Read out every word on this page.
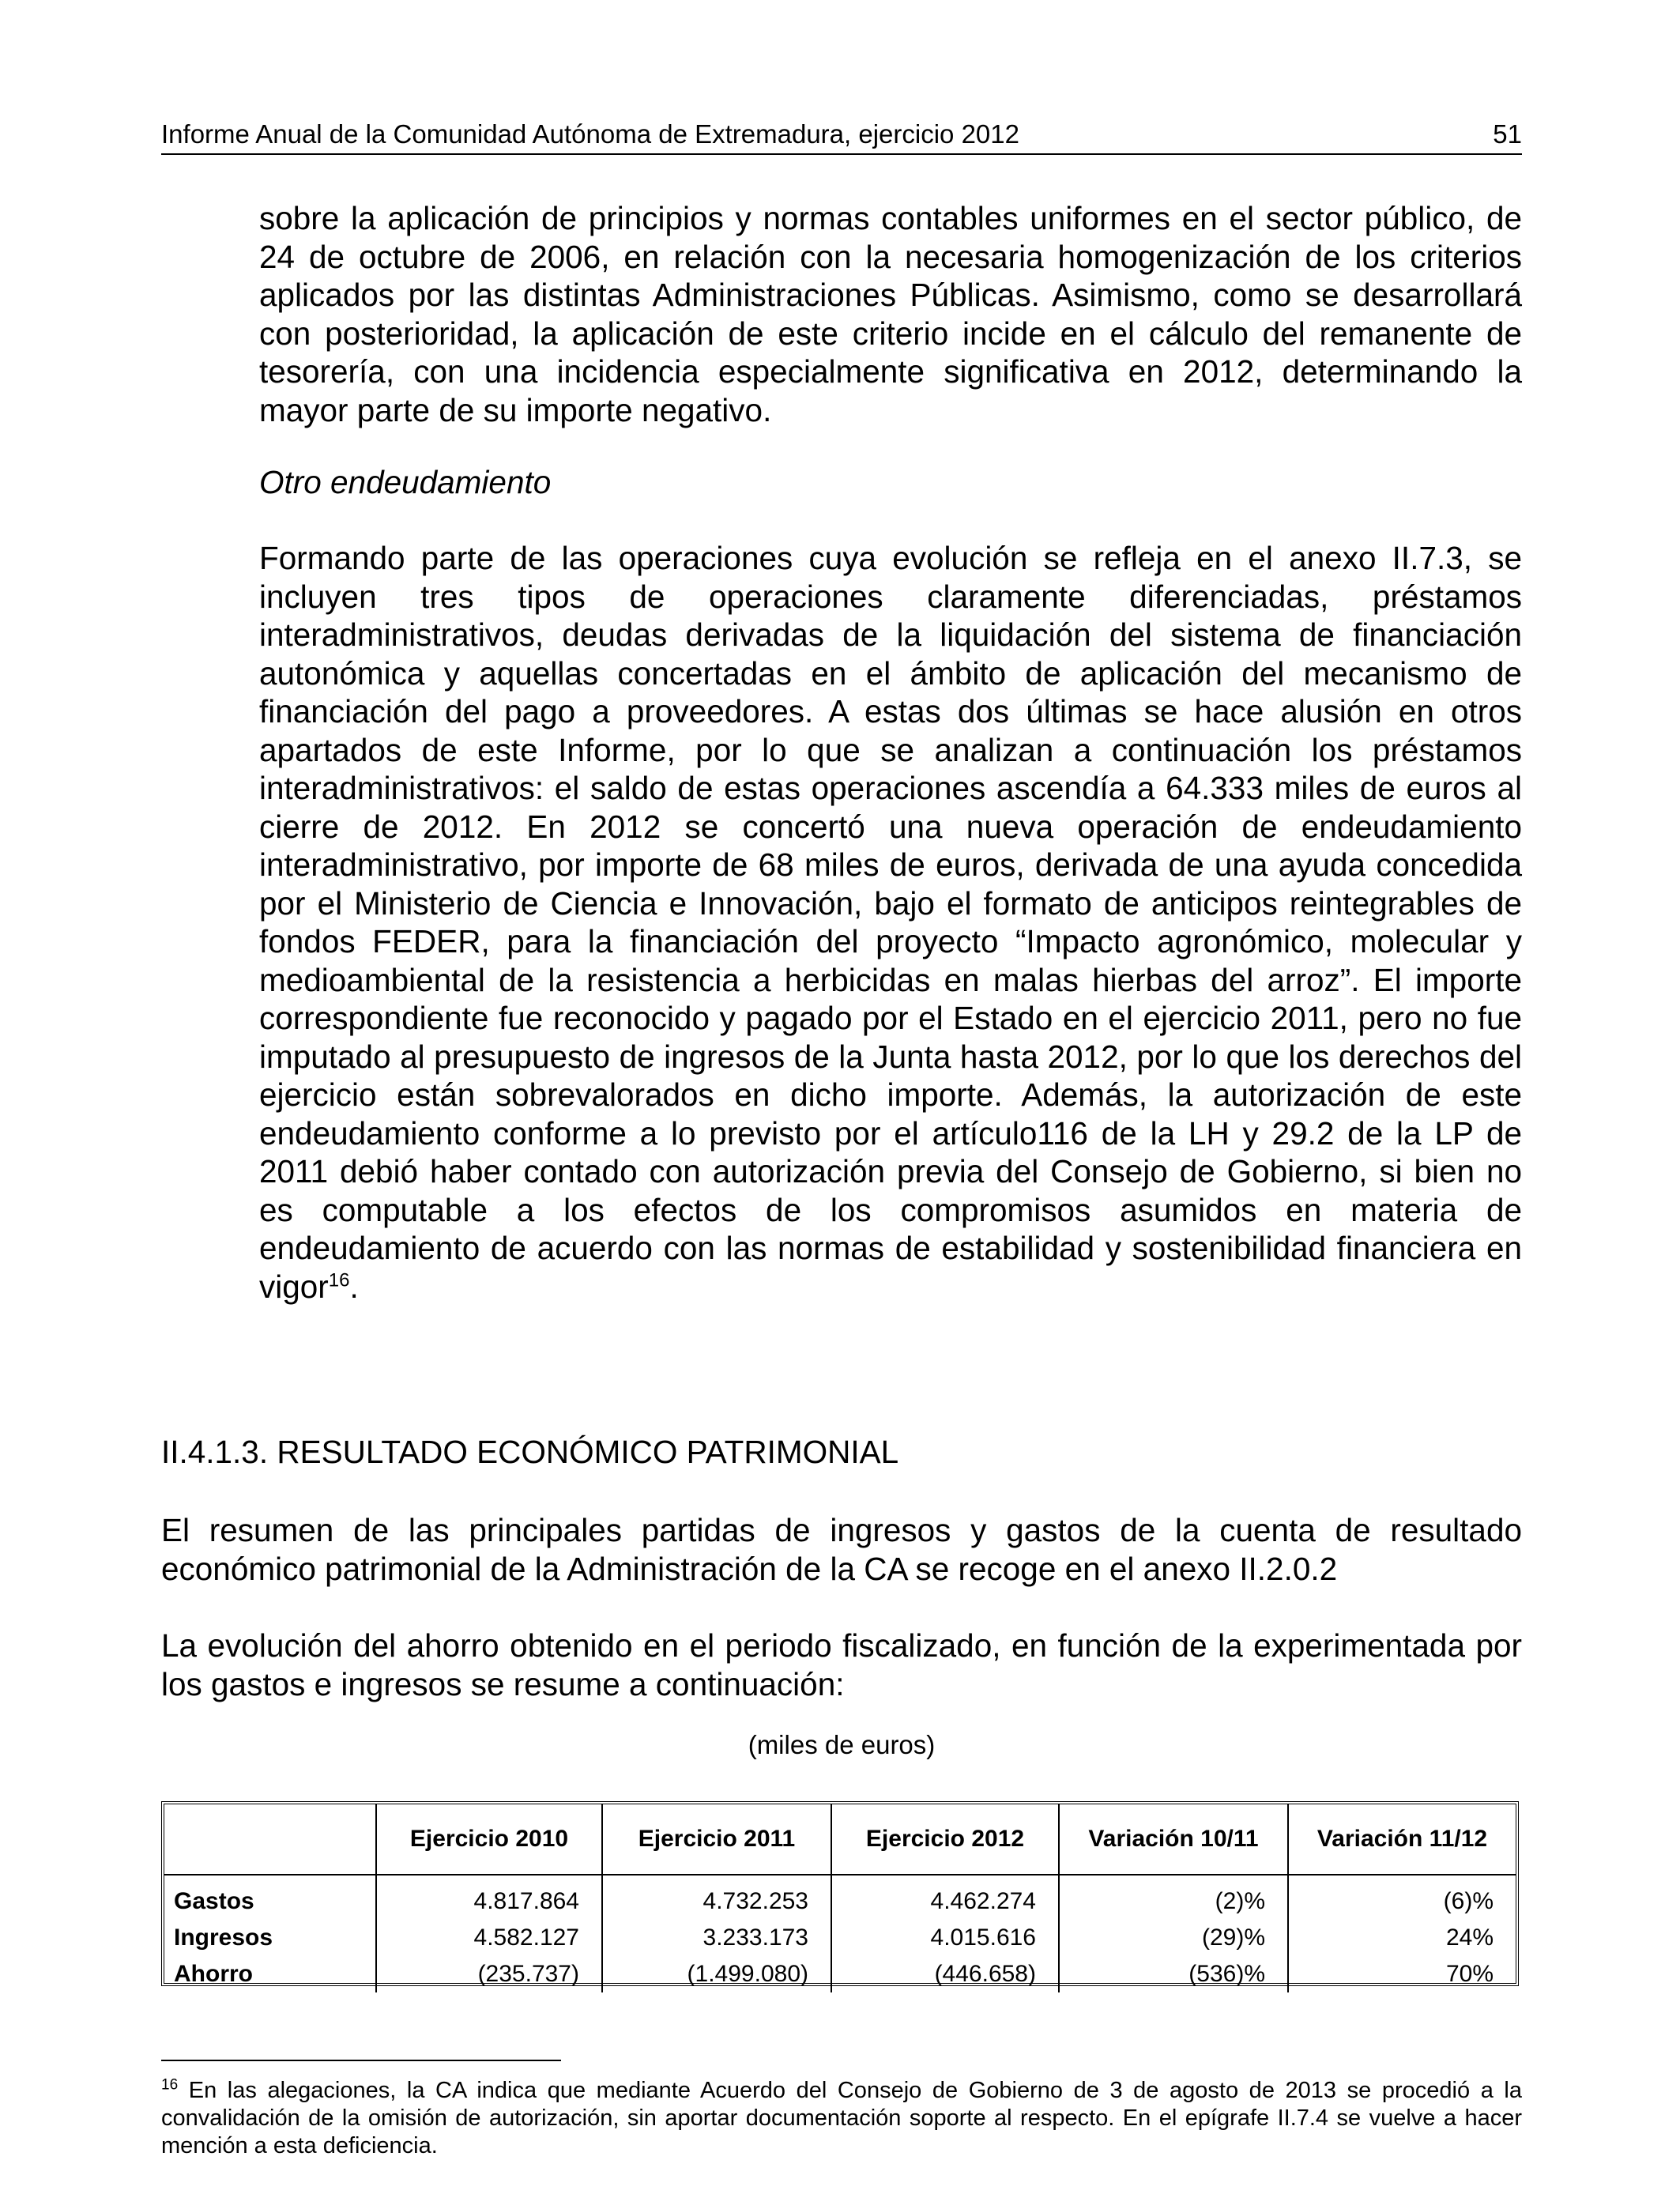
Informe Anual de la Comunidad Autónoma de Extremadura, ejercicio 2012	51

sobre la aplicación de principios y normas contables uniformes en el sector público, de 24 de octubre de 2006, en relación con la necesaria homogenización de los criterios aplicados por las distintas Administraciones Públicas. Asimismo, como se desarrollará con posterioridad, la aplicación de este criterio incide en el cálculo del remanente de tesorería, con una incidencia especialmente significativa en 2012, determinando la mayor parte de su importe negativo.

Otro endeudamiento

Formando parte de las operaciones cuya evolución se refleja en el anexo II.7.3, se incluyen tres tipos de operaciones claramente diferenciadas, préstamos interadministrativos, deudas derivadas de la liquidación del sistema de financiación autonómica y aquellas concertadas en el ámbito de aplicación del mecanismo de financiación del pago a proveedores. A estas dos últimas se hace alusión en otros apartados de este Informe, por lo que se analizan a continuación los préstamos interadministrativos: el saldo de estas operaciones ascendía a 64.333 miles de euros al cierre de 2012. En 2012 se concertó una nueva operación de endeudamiento interadministrativo, por importe de 68 miles de euros, derivada de una ayuda concedida por el Ministerio de Ciencia e Innovación, bajo el formato de anticipos reintegrables de fondos FEDER, para la financiación del proyecto “Impacto agronómico, molecular y medioambiental de la resistencia a herbicidas en malas hierbas del arroz”. El importe correspondiente fue reconocido y pagado por el Estado en el ejercicio 2011, pero no fue imputado al presupuesto de ingresos de la Junta hasta 2012, por lo que los derechos del ejercicio están sobrevalorados en dicho importe. Además, la autorización de este endeudamiento conforme a lo previsto por el artículo116 de la LH y 29.2 de la LP de 2011 debió haber contado con autorización previa del Consejo de Gobierno, si bien no es computable a los efectos de los compromisos asumidos en materia de endeudamiento de acuerdo con las normas de estabilidad y sostenibilidad financiera en vigor$^{16}$.

II.4.1.3. RESULTADO ECONÓMICO PATRIMONIAL

El resumen de las principales partidas de ingresos y gastos de la cuenta de resultado económico patrimonial de la Administración de la CA se recoge en el anexo II.2.0.2

La evolución del ahorro obtenido en el periodo fiscalizado, en función de la experimentada por los gastos e ingresos se resume a continuación:

(miles de euros)
	Ejercicio 2010	Ejercicio 2011	Ejercicio 2012	Variación 10/11	Variación 11/12
Gastos	4.817.864	4.732.253	4.462.274	(2)%	(6)%
Ingresos	4.582.127	3.233.173	4.015.616	(29)%	24%
Ahorro	(235.737)	(1.499.080)	(446.658)	(536)%	70%

$^{16}$ En las alegaciones, la CA indica que mediante Acuerdo del Consejo de Gobierno de 3 de agosto de 2013 se procedió a la convalidación de la omisión de autorización, sin aportar documentación soporte al respecto. En el epígrafe II.7.4 se vuelve a hacer mención a esta deficiencia.
